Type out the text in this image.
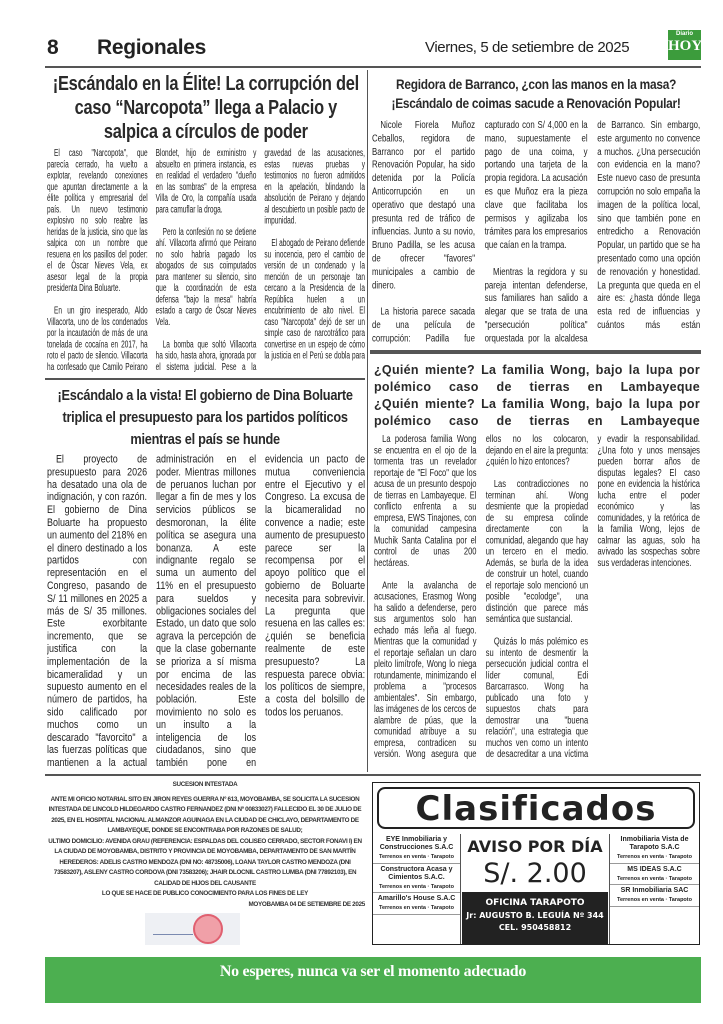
8 Regionales	Viernes, 5 de setiembre de 2025
Diario
HOY
¡Escándalo en la Élite! La corrupción del caso “Narcopota” llega a Palacio y salpica a círculos de poder

El caso "Narcopota", que parecía cerrado, ha vuelto a explotar, revelando conexiones que apuntan directamente a la élite política y empresarial del país. Un nuevo testimonio explosivo no solo reabre las heridas de la justicia, sino que las salpica con un nombre que resuena en los pasillos del poder: el de Óscar Nieves Vela, ex asesor legal de la propia presidenta Dina Boluarte.

En un giro inesperado, Aldo Villacorta, uno de los condenados por la incautación de más de una tonelada de cocaína en 2017, ha roto el pacto de silencio. Villacorta ha confesado que Camilo Peirano Blondet, hijo de exministro y absuelto en primera instancia, es en realidad el verdadero "dueño en las sombras" de la empresa Villa de Oro, la compañía usada para camuflar la droga.

Pero la confesión no se detiene ahí. Villacorta afirmó que Peirano no solo habría pagado los abogados de sus coimputados para mantener su silencio, sino que la coordinación de esta defensa "bajo la mesa" habría estado a cargo de Óscar Nieves Vela.

La bomba que soltó Villacorta ha sido, hasta ahora, ignorada por el sistema judicial. Pese a la gravedad de las acusaciones, estas nuevas pruebas y testimonios no fueron admitidos en la apelación, blindando la absolución de Peirano y dejando al descubierto un posible pacto de impunidad.

El abogado de Peirano defiende su inocencia, pero el cambio de versión de un condenado y la mención de un personaje tan cercano a la Presidencia de la República huelen a un encubrimiento de alto nivel. El caso "Narcopota" dejó de ser un simple caso de narcotráfico para convertirse en un espejo de cómo la justicia en el Perú se dobla para

¡Escándalo a la vista! El gobierno de Dina Boluarte triplica el presupuesto para los partidos políticos mientras el país se hunde

El proyecto de presupuesto para 2026 ha desatado una ola de indignación, y con razón. El gobierno de Dina Boluarte ha propuesto un aumento del 218% en el dinero destinado a los partidos con representación en el Congreso, pasando de S/ 11 millones en 2025 a más de S/ 35 millones. Este exorbitante incremento, que se justifica con la implementación de la bicameralidad y un supuesto aumento en el número de partidos, ha sido calificado por muchos como un descarado "favorcito" a las fuerzas políticas que mantienen a la actual administración en el poder. Mientras millones de peruanos luchan por llegar a fin de mes y los servicios públicos se desmoronan, la élite política se asegura una bonanza. A este indignante regalo se suma un aumento del 11% en el presupuesto para sueldos y obligaciones sociales del Estado, un dato que solo agrava la percepción de que la clase gobernante se prioriza a sí misma por encima de las necesidades reales de la población. Este movimiento no solo es un insulto a la inteligencia de los ciudadanos, sino que también pone en evidencia un pacto de mutua conveniencia entre el Ejecutivo y el Congreso. La excusa de la bicameralidad no convence a nadie; este aumento de presupuesto parece ser la recompensa por el apoyo político que el gobierno de Boluarte necesita para sobrevivir. La pregunta que resuena en las calles es: ¿quién se beneficia realmente de este presupuesto? La respuesta parece obvia: los políticos de siempre, a costa del bolsillo de todos los peruanos.

Regidora de Barranco, ¿con las manos en la masa? ¡Escándalo de coimas sacude a Renovación Popular!

Nicole Fiorela Muñoz Ceballos, regidora de Barranco por el partido Renovación Popular, ha sido detenida por la Policía Anticorrupción en un operativo que destapó una presunta red de tráfico de influencias. Junto a su novio, Bruno Padilla, se les acusa de ofrecer "favores" municipales a cambio de dinero.

La historia parece sacada de una película de corrupción: Padilla fue capturado con S/ 4,000 en la mano, supuestamente el pago de una coima, y portando una tarjeta de la propia regidora. La acusación es que Muñoz era la pieza clave que facilitaba los permisos y agilizaba los trámites para los empresarios que caían en la trampa.

Mientras la regidora y su pareja intentan defenderse, sus familiares han salido a alegar que se trata de una "persecución política" orquestada por la alcaldesa de Barranco. Sin embargo, este argumento no convence a muchos. ¿Una persecución con evidencia en la mano? Este nuevo caso de presunta corrupción no solo empaña la imagen de la política local, sino que también pone en entredicho a Renovación Popular, un partido que se ha presentado como una opción de renovación y honestidad. La pregunta que queda en el aire es: ¿hasta dónde llega esta red de influencias y cuántos más están

¿Quién miente? La familia Wong, bajo la lupa por polémico caso de tierras en Lambayeque
¿Quién miente? La familia Wong, bajo la lupa por polémico caso de tierras en Lambayeque

La poderosa familia Wong se encuentra en el ojo de la tormenta tras un revelador reportaje de "El Foco" que los acusa de un presunto despojo de tierras en Lambayeque. El conflicto enfrenta a su empresa, EWS Tinajones, con la comunidad campesina Muchik Santa Catalina por el control de unas 200 hectáreas.

Ante la avalancha de acusaciones, Erasmog Wong ha salido a defenderse, pero sus argumentos solo han echado más leña al fuego. Mientras que la comunidad y el reportaje señalan un claro pleito limítrofe, Wong lo niega rotundamente, minimizando el problema a "procesos ambientales". Sin embargo, las imágenes de los cercos de alambre de púas, que la comunidad atribuye a su empresa, contradicen su versión. Wong asegura que ellos no los colocaron, dejando en el aire la pregunta: ¿quién lo hizo entonces?

Las contradicciones no terminan ahí. Wong desmiente que la propiedad de su empresa colinde directamente con la comunidad, alegando que hay un tercero en el medio. Además, se burla de la idea de construir un hotel, cuando el reportaje solo mencionó un posible "ecolodge", una distinción que parece más semántica que sustancial.

Quizás lo más polémico es su intento de desmentir la persecución judicial contra el líder comunal, Edi Barcarrasco. Wong ha publicado una foto y supuestos chats para demostrar una "buena relación", una estrategia que muchos ven como un intento de desacreditar a una víctima y evadir la responsabilidad. ¿Una foto y unos mensajes pueden borrar años de disputas legales? El caso pone en evidencia la histórica lucha entre el poder económico y las comunidades, y la retórica de la familia Wong, lejos de calmar las aguas, solo ha avivado las sospechas sobre sus verdaderas intenciones.

SUCESION INTESTADA
ANTE MI OFICIO NOTARIAL SITO EN JIRON REYES GUERRA Nº 613, MOYOBAMBA, SE SOLICITA LA SUCESION INTESTADA DE LINCOLD HILDEGARDO CASTRO FERNANDEZ (DNI Nº 00833027) FALLECIDO EL 30 DE JULIO DE 2025, EN EL HOSPITAL NACIONAL ALMANZOR AGUINAGA EN LA CIUDAD DE CHICLAYO, DEPARTAMENTO DE LAMBAYEQUE, DONDE SE ENCONTRABA POR RAZONES DE SALUD;
ULTIMO DOMICILIO: AVENIDA GRAU (REFERENCIA: ESPALDAS DEL COLISEO CERRADO, SECTOR FONAVI I) EN LA CIUDAD DE MOYOBAMBA, DISTRITO Y PROVINCIA DE MOYOBAMBA, DEPARTAMENTO DE SAN MARTÍN
HEREDEROS: ADELIS CASTRO MENDOZA (DNI NO: 48735006), LOANA TAYLOR CASTRO MENDOZA (DNI 73583207), ASLENY CASTRO CORDOVA (DNI 73583206); JHAIR DLOCNIL CASTRO LUMBA (DNI 77892103), EN CALIDAD DE HIJOS DEL CAUSANTE
LO QUE SE HACE DE PUBLICO CONOCIMIENTO PARA LOS FINES DE LEY
MOYOBAMBA 04 DE SETIEMBRE DE 2025
Clasificados
EYE Inmobiliaria y Construcciones S.A.C
Terrenos en venta · Tarapoto
Constructora Acasa y Cimientos S.A.C.
Terrenos en venta · Tarapoto
Amarillo's House S.A.C
Terrenos en venta · Tarapoto
AVISO POR DÍA
S/. 2.00
OFICINA TARAPOTO
Jr: AUGUSTO B. LEGUÍA Nº 344
CEL. 950458812
Inmobiliaria Vista de Tarapoto S.A.C
Terrenos en venta · Tarapoto
MS IDEAS S.A.C
Terrenos en venta · Tarapoto
SR Inmobiliaria SAC
Terrenos en venta · Tarapoto
No esperes, nunca va ser el momento adecuado
